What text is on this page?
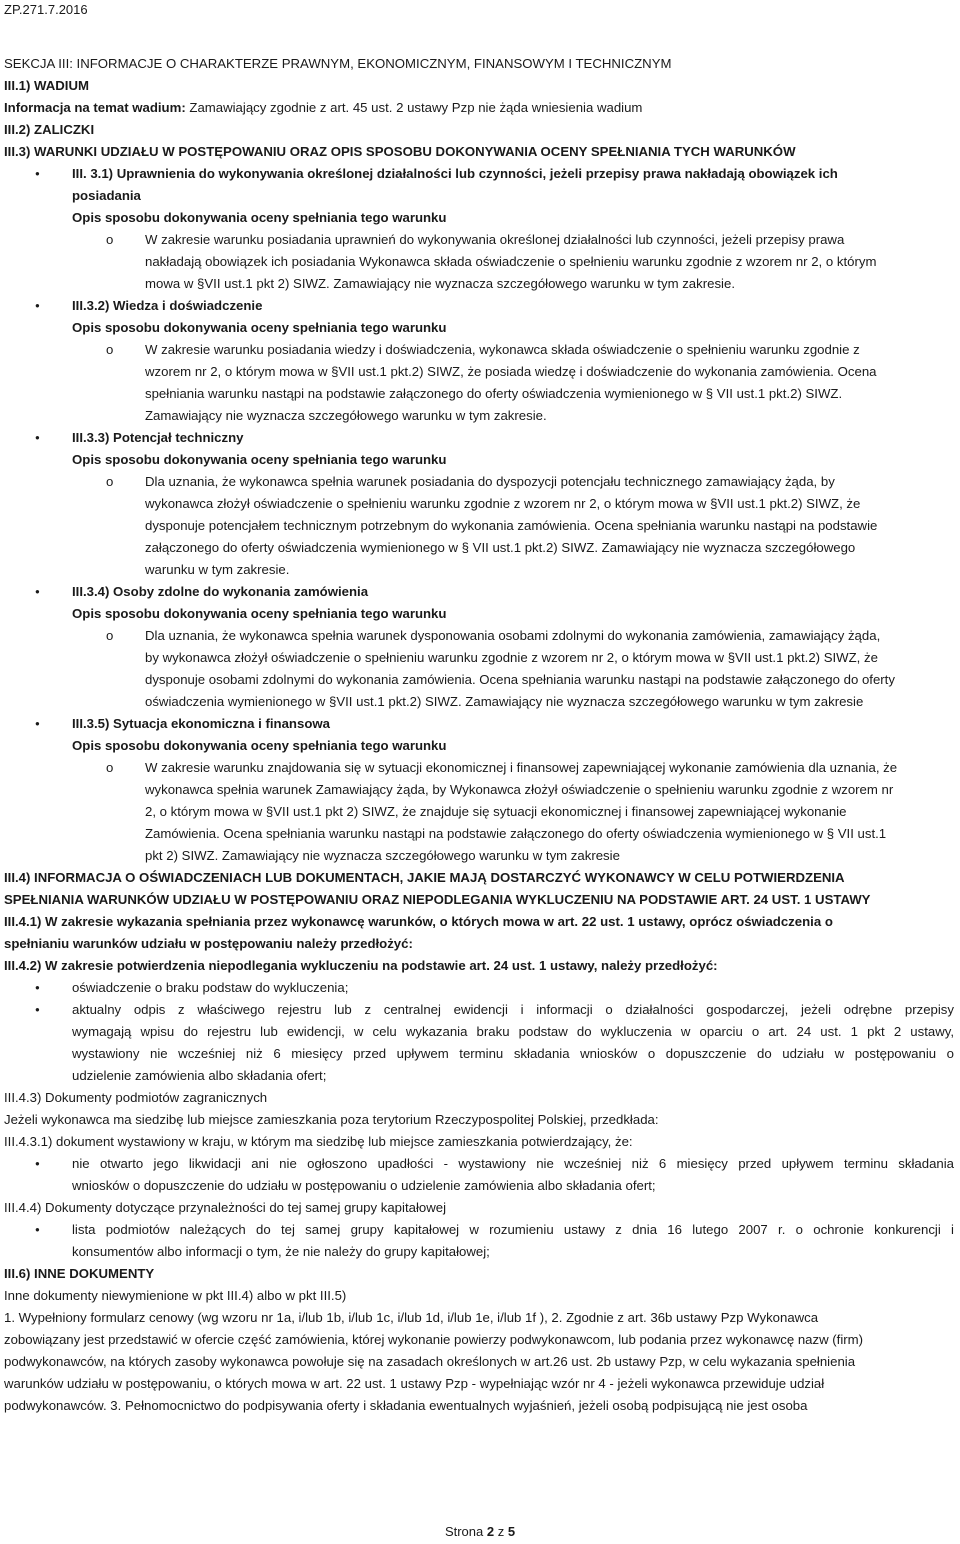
ZP.271.7.2016
SEKCJA III: INFORMACJE O CHARAKTERZE PRAWNYM, EKONOMICZNYM, FINANSOWYM I TECHNICZNYM
III.1) WADIUM
Informacja na temat wadium: Zamawiający zgodnie z art. 45 ust. 2 ustawy Pzp nie żąda wniesienia wadium
III.2) ZALICZKI
III.3) WARUNKI UDZIAŁU W POSTĘPOWANIU ORAZ OPIS SPOSOBU DOKONYWANIA OCENY SPEŁNIANIA TYCH WARUNKÓW
● III. 3.1) Uprawnienia do wykonywania określonej działalności lub czynności, jeżeli przepisy prawa nakładają obowiązek ich
posiadania
Opis sposobu dokonywania oceny spełniania tego warunku
o W zakresie warunku posiadania uprawnień do wykonywania określonej działalności lub czynności, jeżeli przepisy prawa
nakładają obowiązek ich posiadania Wykonawca składa oświadczenie o spełnieniu warunku zgodnie z wzorem nr 2, o którym
mowa w §VII ust.1 pkt 2) SIWZ. Zamawiający nie wyznacza szczegółowego warunku w tym zakresie.
● III.3.2) Wiedza i doświadczenie
Opis sposobu dokonywania oceny spełniania tego warunku
o W zakresie warunku posiadania wiedzy i doświadczenia, wykonawca składa oświadczenie o spełnieniu warunku zgodnie z
wzorem nr 2, o którym mowa w §VII ust.1 pkt.2) SIWZ, że posiada wiedzę i doświadczenie do wykonania zamówienia. Ocena
spełniania warunku nastąpi na podstawie załączonego do oferty oświadczenia wymienionego w § VII ust.1 pkt.2) SIWZ.
Zamawiający nie wyznacza szczegółowego warunku w tym zakresie.
● III.3.3) Potencjał techniczny
Opis sposobu dokonywania oceny spełniania tego warunku
o Dla uznania, że wykonawca spełnia warunek posiadania do dyspozycji potencjału technicznego zamawiający żąda, by
wykonawca złożył oświadczenie o spełnieniu warunku zgodnie z wzorem nr 2, o którym mowa w §VII ust.1 pkt.2) SIWZ, że
dysponuje potencjałem technicznym potrzebnym do wykonania zamówienia. Ocena spełniania warunku nastąpi na podstawie
załączonego do oferty oświadczenia wymienionego w § VII ust.1 pkt.2) SIWZ. Zamawiający nie wyznacza szczegółowego
warunku w tym zakresie.
● III.3.4) Osoby zdolne do wykonania zamówienia
Opis sposobu dokonywania oceny spełniania tego warunku
o Dla uznania, że wykonawca spełnia warunek dysponowania osobami zdolnymi do wykonania zamówienia, zamawiający żąda,
by wykonawca złożył oświadczenie o spełnieniu warunku zgodnie z wzorem nr 2, o którym mowa w §VII ust.1 pkt.2) SIWZ, że
dysponuje osobami zdolnymi do wykonania zamówienia. Ocena spełniania warunku nastąpi na podstawie załączonego do oferty
oświadczenia wymienionego w §VII ust.1 pkt.2) SIWZ. Zamawiający nie wyznacza szczegółowego warunku w tym zakresie
● III.3.5) Sytuacja ekonomiczna i finansowa
Opis sposobu dokonywania oceny spełniania tego warunku
o W zakresie warunku znajdowania się w sytuacji ekonomicznej i finansowej zapewniającej wykonanie zamówienia dla uznania, że
wykonawca spełnia warunek Zamawiający żąda, by Wykonawca złożył oświadczenie o spełnieniu warunku zgodnie z wzorem nr
2, o którym mowa w §VII ust.1 pkt 2) SIWZ, że znajduje się sytuacji ekonomicznej i finansowej zapewniającej wykonanie
Zamówienia. Ocena spełniania warunku nastąpi na podstawie załączonego do oferty oświadczenia wymienionego w § VII ust.1
pkt 2) SIWZ. Zamawiający nie wyznacza szczegółowego warunku w tym zakresie
III.4) INFORMACJA O OŚWIADCZENIACH LUB DOKUMENTACH, JAKIE MAJĄ DOSTARCZYĆ WYKONAWCY W CELU POTWIERDZENIA
SPEŁNIANIA WARUNKÓW UDZIAŁU W POSTĘPOWANIU ORAZ NIEPODLEGANIA WYKLUCZENIU NA PODSTAWIE ART. 24 UST. 1 USTAWY
III.4.1) W zakresie wykazania spełniania przez wykonawcę warunków, o których mowa w art. 22 ust. 1 ustawy, oprócz oświadczenia o
spełnianiu warunków udziału w postępowaniu należy przedłożyć:
III.4.2) W zakresie potwierdzenia niepodlegania wykluczeniu na podstawie art. 24 ust. 1 ustawy, należy przedłożyć:
● oświadczenie o braku podstaw do wykluczenia;
● aktualny odpis z właściwego rejestru lub z centralnej ewidencji i informacji o działalności gospodarczej, jeżeli odrębne przepisy
wymagają wpisu do rejestru lub ewidencji, w celu wykazania braku podstaw do wykluczenia w oparciu o art. 24 ust. 1 pkt 2 ustawy,
wystawiony nie wcześniej niż 6 miesięcy przed upływem terminu składania wniosków o dopuszczenie do udziału w postępowaniu o
udzielenie zamówienia albo składania ofert;
III.4.3) Dokumenty podmiotów zagranicznych
Jeżeli wykonawca ma siedzibę lub miejsce zamieszkania poza terytorium Rzeczypospolitej Polskiej, przedkłada:
III.4.3.1) dokument wystawiony w kraju, w którym ma siedzibę lub miejsce zamieszkania potwierdzający, że:
● nie otwarto jego likwidacji ani nie ogłoszono upadłości - wystawiony nie wcześniej niż 6 miesięcy przed upływem terminu składania
wniosków o dopuszczenie do udziału w postępowaniu o udzielenie zamówienia albo składania ofert;
III.4.4) Dokumenty dotyczące przynależności do tej samej grupy kapitałowej
● lista podmiotów należących do tej samej grupy kapitałowej w rozumieniu ustawy z dnia 16 lutego 2007 r. o ochronie konkurencji i
konsumentów albo informacji o tym, że nie należy do grupy kapitałowej;
III.6) INNE DOKUMENTY
Inne dokumenty niewymienione w pkt III.4) albo w pkt III.5)
1. Wypełniony formularz cenowy (wg wzoru nr 1a, i/lub 1b, i/lub 1c, i/lub 1d, i/lub 1e, i/lub 1f ), 2. Zgodnie z art. 36b ustawy Pzp Wykonawca
zobowiązany jest przedstawić w ofercie część zamówienia, której wykonanie powierzy podwykonawcom, lub podania przez wykonawcę nazw (firm)
podwykonawców, na których zasoby wykonawca powołuje się na zasadach określonych w art.26 ust. 2b ustawy Pzp, w celu wykazania spełnienia
warunków udziału w postępowaniu, o których mowa w art. 22 ust. 1 ustawy Pzp - wypełniając wzór nr 4 - jeżeli wykonawca przewiduje udział
podwykonawców. 3. Pełnomocnictwo do podpisywania oferty i składania ewentualnych wyjaśnień, jeżeli osobą podpisującą nie jest osoba
Strona 2 z 5
